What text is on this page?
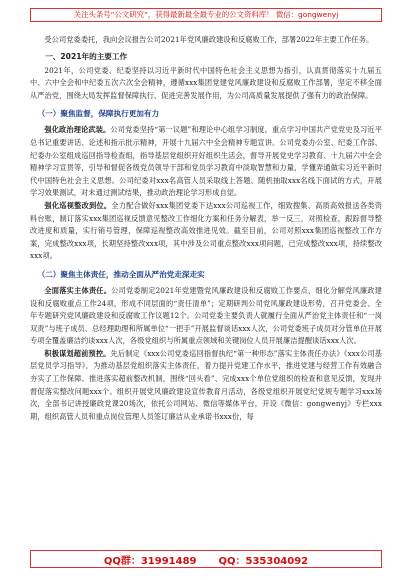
关注头条号“公文研究”，获得最新最全最专业的公文资料库！ 微信：gongwenyj

受公司党委委托，我向会议报告公司2021年党风廉政建设和反腐败工作，部署2022年主要工作任务。

一、2021年的主要工作

2021年，公司党委、纪委坚持以习近平新时代中国特色社会主义思想为指引，认真贯彻落实十九届五中、六中全会和中纪委五次六次全会精神，遵循xxx集团党建党风廉政建设和反腐败工作部署，坚定不移全面从严治党，围绕大局发挥监督保障执行、促进完善发展作用，为公司高质量发展提供了强有力的政治保障。

（一）聚焦监督，保障执行更加有力

强化政治理论武装。公司党委坚持“第一议题”和理论中心组学习制度，重点学习中国共产党党史及习近平总书记重要讲话、论述和指示批示精神，开展十九届六中全会精神专题宣讲。公司党委办公室、纪委工作部、纪委办公室组成巡回指导检查组，指导基层党组织开好组织生活会，督导开展党史学习教育、十九届六中全会精神学习宣贯等，引导和督促各级党员领导干部和党员学习教育中淡取智慧和力量，学懂弄通做实习近平新时代中国特色社会主义思想。公司纪委对xxx名高管人员采取线上答题、随机抽取xxx名线下面试的方式，开展学习效果测试，对未通过测试结果，推动政治理论学习形成自觉。

强化巡视整改到位。全力配合做好xxx集团党委下达xxx公司巡视工作，细致搜集、高质高效报送各类资料台账，制订落实xxx集团巡视反馈意见整改工作细化方案和任务分解表，举一反三，对照检查，跟踪督导整改进度和质量，实行销号管理，保障巡视整改高效推进见效。截至目前，公司对照xxx集团巡视整改工作方案，完成整改xxx项，长期坚持整改xxx项，其中涉及公司重点整改xxx项问题，已完成整改xxx项，持续整改xxx项。

（二）聚焦主体责任，推动全面从严治党走深走实

全面落实主体责任。公司党委制定2021年党建暨党风廉政建设和反腐败工作要点，细化分解党风廉政建设和反腐败重点工作24项，形成不同层面的“责任清单”；定期研判公司党风廉政建设形势，召开党委会、全年专题研究党风廉政建设和反腐败工作议题12个。公司党委主要负责人就履行全面从严治党主体责任和“一岗双责”与班子成员、总经理助理和所属单位“一把手”开展监督谈话xxx人次，公司党委班子成员对分管单位开展专项全覆盖廉洁约谈xxx人次，各级党组织与所属重点领域和关键岗位人员开展廉洁提醒谈话xxx人次。

积极谋划超前预控。先后制定《xxx公司党委巡回指督执纪“第一种形态”落实主体责任办法》《xxx公司基层党员学习指导》，为推动基层党组织落实主体责任，着力提升党建工作水平，推进党建与经营工作有效融合夯实了工作保障。推进落实超前整改机制，围绕“回头看”、完成xxx个单位党组织的检查和意见反馈，发现并督促落实整改问题xxx个。组织开展党风廉政建设宣传教育月活动，各级党组织开展党纪党规专题学习xxx场次，全部书记讲授廉政党课20场次，依托公司网站、微信等媒体平台，开设《微信：gongwenyj》专栏xxx期，组织高管人员和重点岗位管理人员签订廉洁从业承诺书xxx份，每

QQ群：31991489 QQ：535304092
